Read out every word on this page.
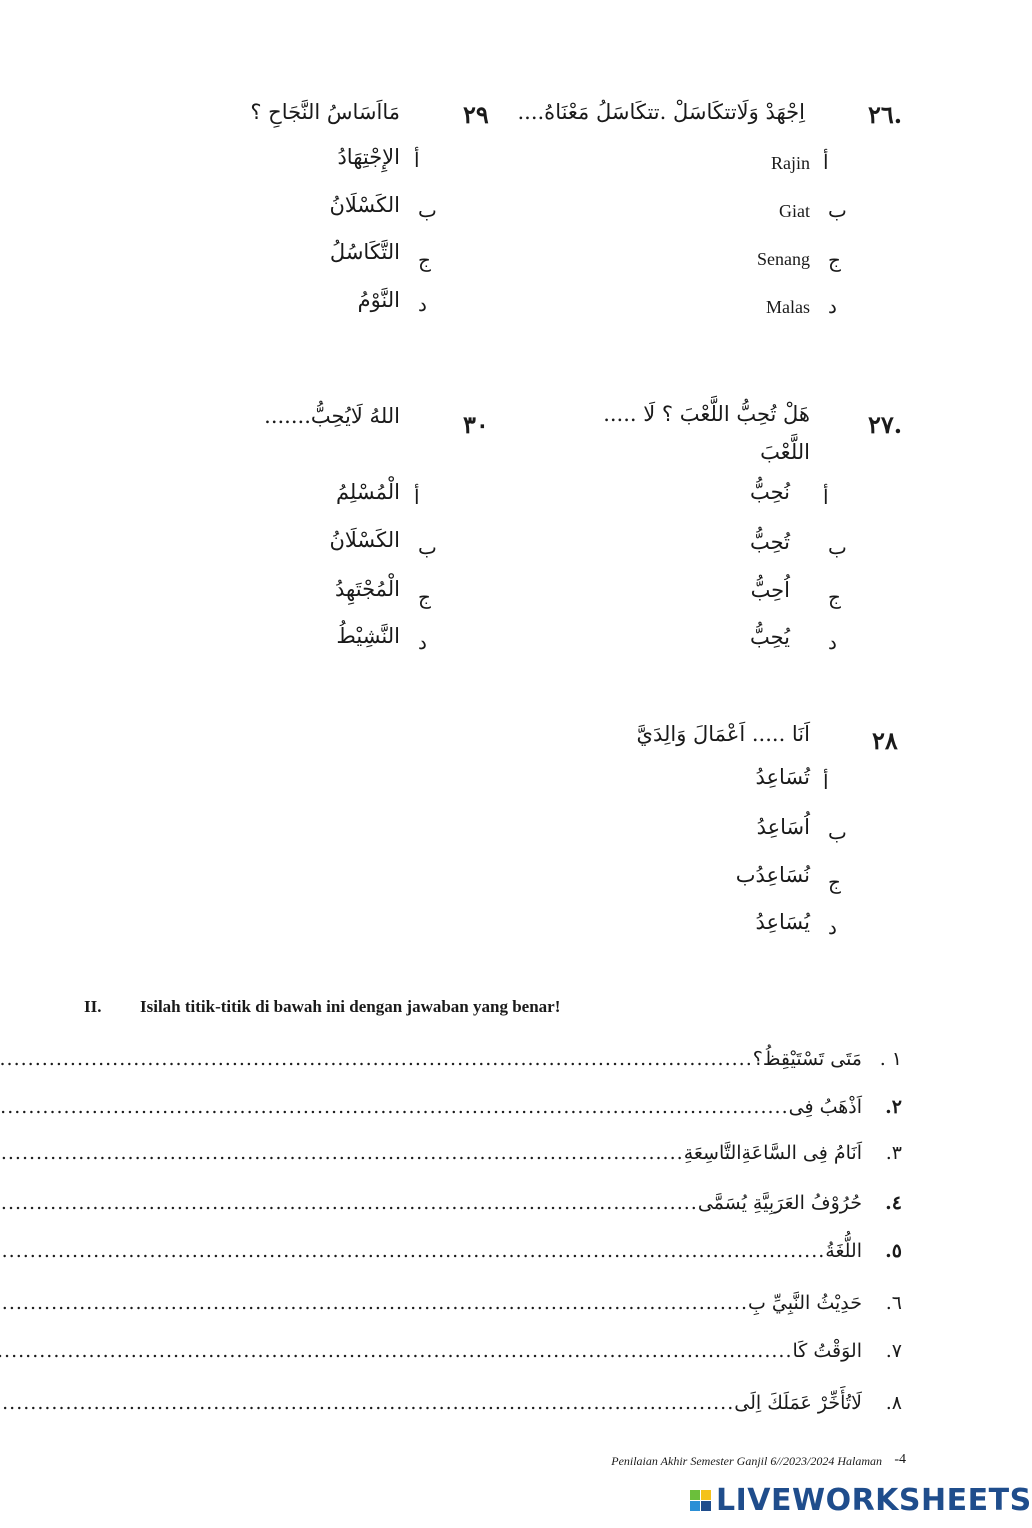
٢٦.
اِجْهَدْ وَلَاتتكَاسَلْ .تتكَاسَلُ مَعْنَاهُ....
أ
Rajin
ب
Giat
ج
Senang
د
Malas
٢٩
مَااَسَاسُ النَّجَاحِ ؟
أ
الإِجْتِهَادُ
ب
الكَسْلَانُ
ج
التَّكَاسُلُ
د
النَّوْمُ
٢٧.
هَلْ تُحِبُّ اللَّعْبَ ؟ لَا .....
اللَّعْبَ
أ
نُحِبُّ
ب
تُحِبُّ
ج
اُحِبُّ
د
يُحِبُّ
٣٠
اللهُ لَايُحِبُّ.......
أ
الْمُسْلِمُ
ب
الكَسْلَانُ
ج
الْمُجْتَهِدُ
د
النَّشِيْطُ
٢٨
اَنَا ..... اَعْمَالَ وَالِدَيَّ
أ
تُسَاعِدُ
ب
اُسَاعِدُ
ج
نُسَاعِدُب
د
يُسَاعِدُ
II. Isilah titik-titik di bawah ini dengan jawaban yang benar!
١ .
مَتَى تَسْتَيْقِظُ؟
.....
٢.
اَذْهَبُ فِى
.....
٣.
اَنَامُ فِى السَّاعَةِالتَّاسِعَةِ
.....
٤.
حُرُوْفُ العَرَبِيَّةِ يُسَمَّى
.....
٥.
اللُّغَةُ
.....
٦.
حَدِيْثُ النَّبِيِّ بِ
.....
٧.
الوَقْتُ كَا
.....
٨.
لَاتُأَخِّرْ عَمَلَكَ اِلَى
.....
Penilaian Akhir Semester Ganjil 6//2023/2024 Halaman -4
LIVEWORKSHEETS
